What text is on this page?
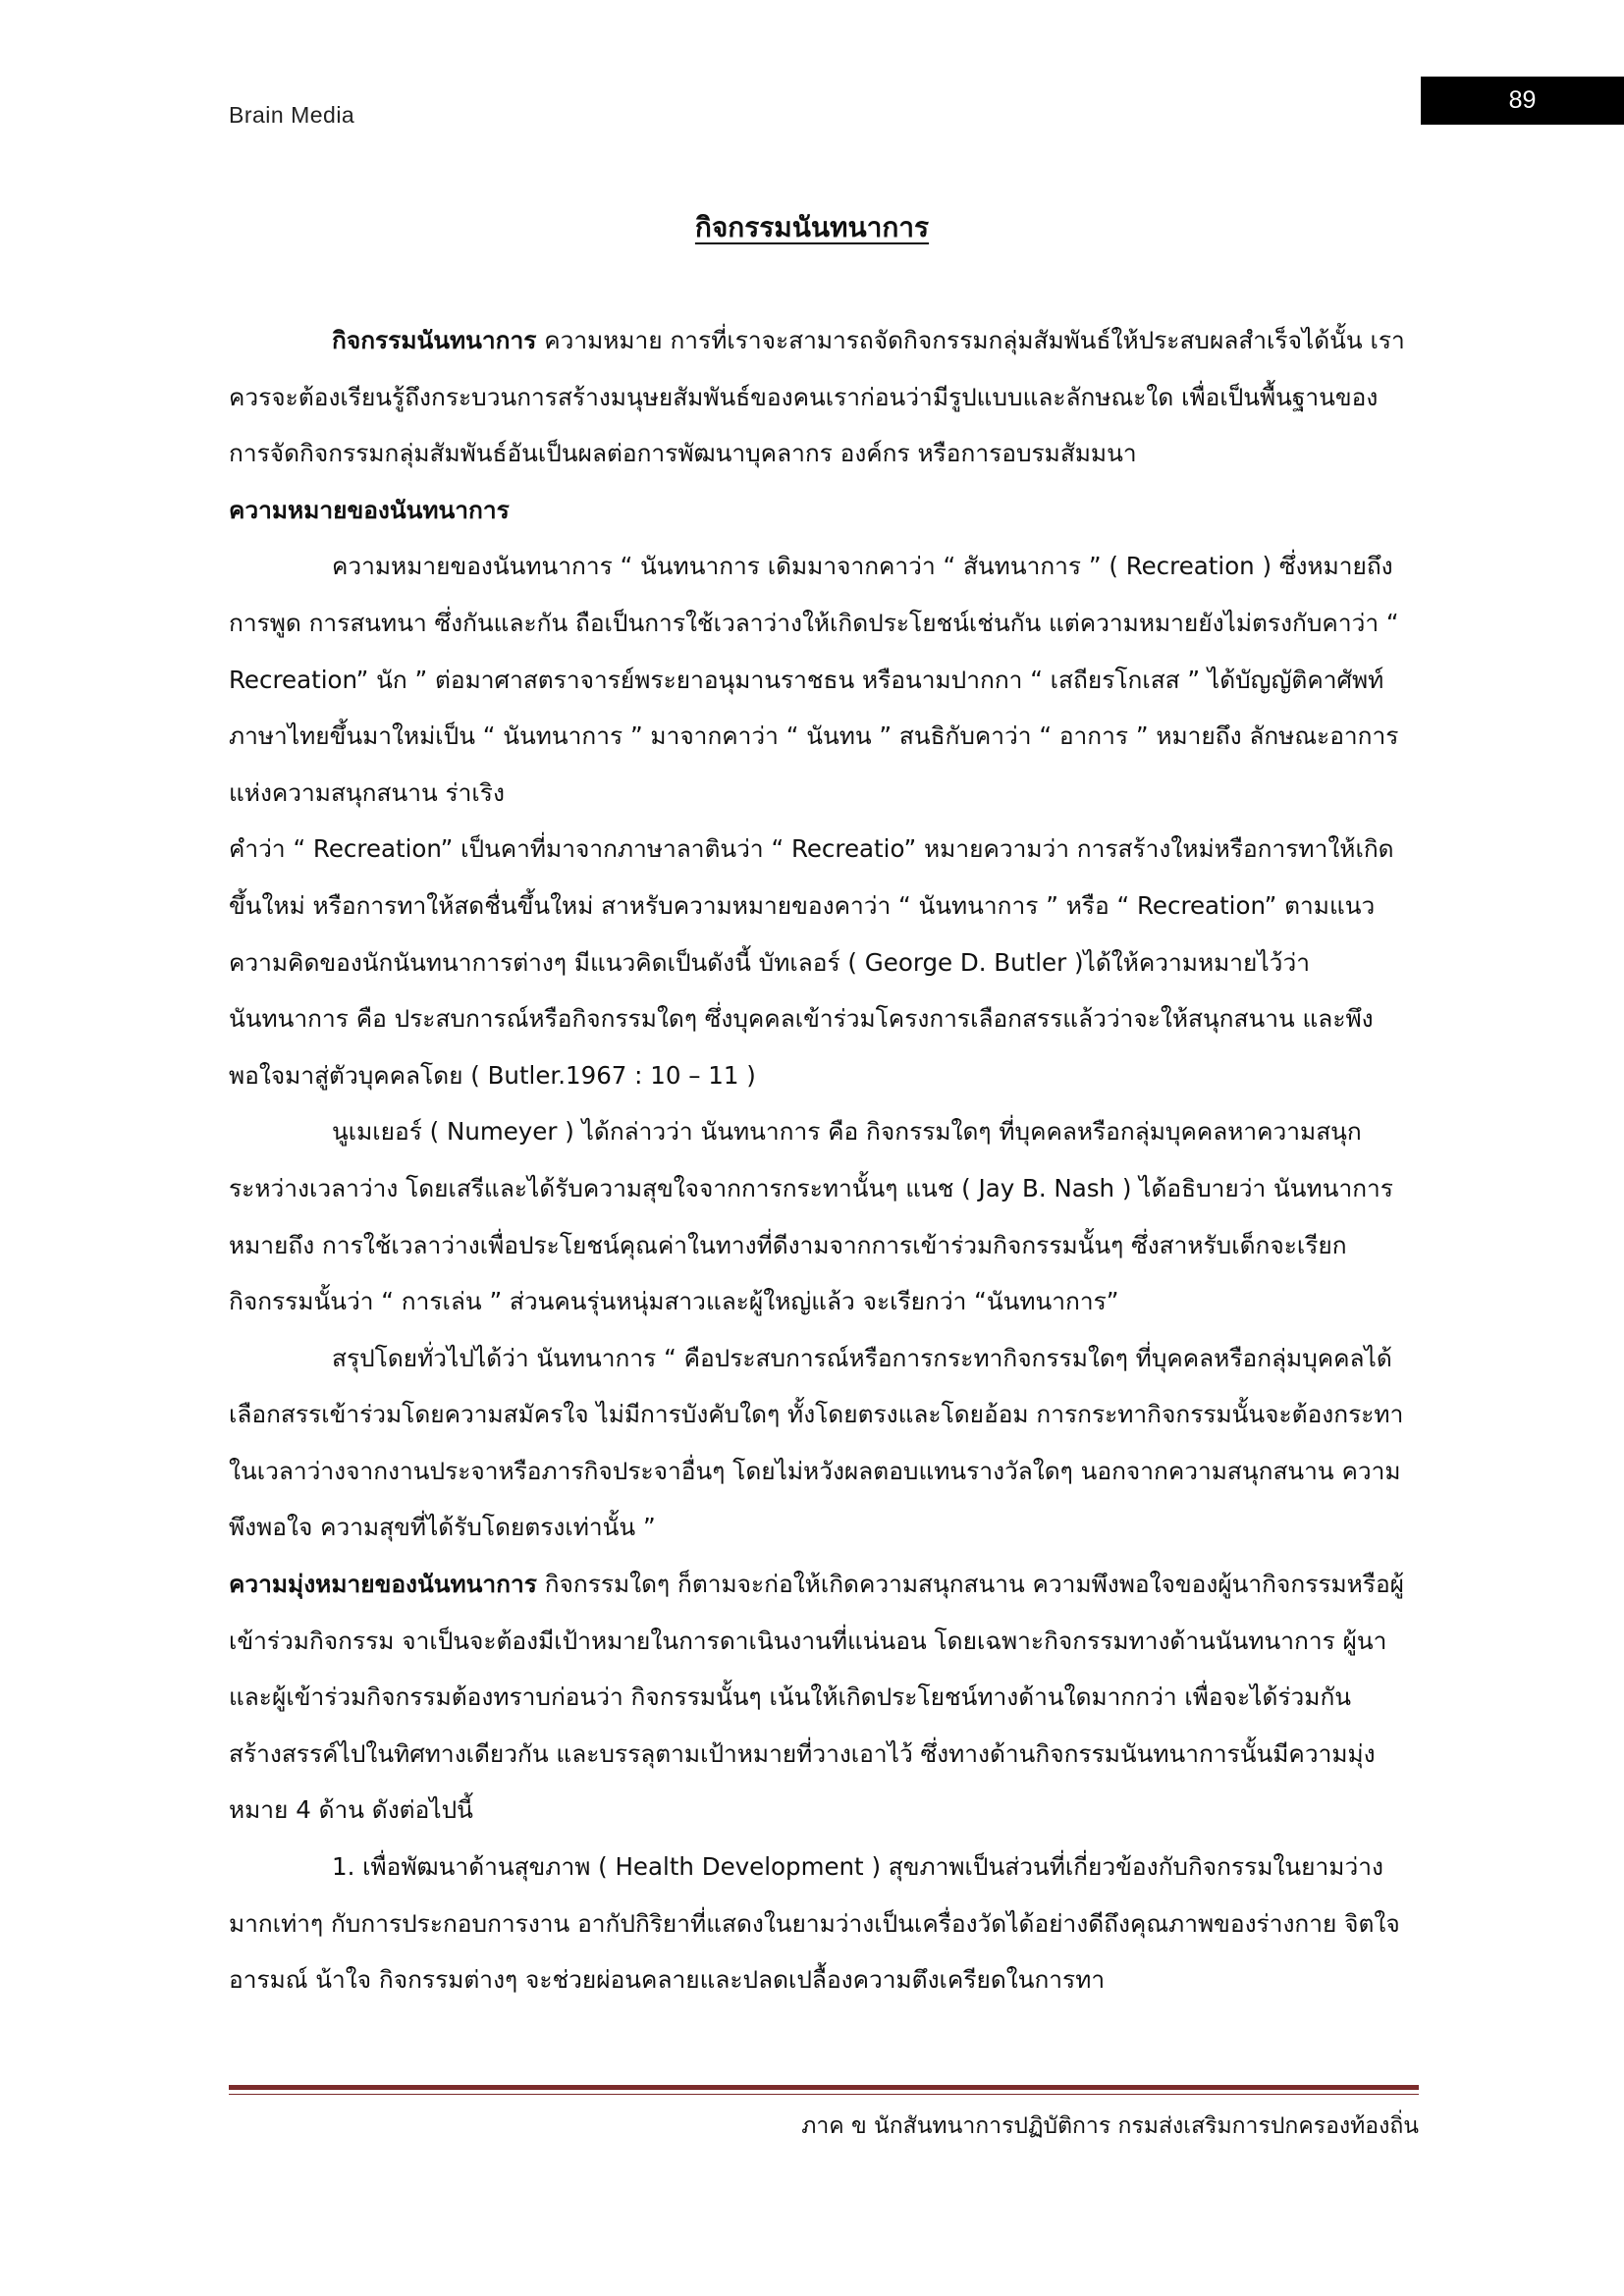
Brain Media
89
กิจกรรมนันทนาการ

กิจกรรมนันทนาการ ความหมาย การที่เราจะสามารถจัดกิจกรรมกลุ่มสัมพันธ์ให้ประสบผลสำเร็จได้นั้น เราควรจะต้องเรียนรู้ถึงกระบวนการสร้างมนุษยสัมพันธ์ของคนเราก่อนว่ามีรูปแบบและลักษณะใด เพื่อเป็นพื้นฐานของการจัดกิจกรรมกลุ่มสัมพันธ์อันเป็นผลต่อการพัฒนาบุคลากร องค์กร หรือการอบรมสัมมนา

ความหมายของนันทนาการ

ความหมายของนันทนาการ “ นันทนาการ เดิมมาจากคาว่า “ สันทนาการ ” ( Recreation ) ซึ่งหมายถึง การพูด การสนทนา ซึ่งกันและกัน ถือเป็นการใช้เวลาว่างให้เกิดประโยชน์เช่นกัน แต่ความหมายยังไม่ตรงกับคาว่า “ Recreation” นัก ” ต่อมาศาสตราจารย์พระยาอนุมานราชธน หรือนามปากกา “ เสถียรโกเสส ” ได้บัญญัติคาศัพท์ภาษาไทยขึ้นมาใหม่เป็น “ นันทนาการ ” มาจากคาว่า “ นันทน ” สนธิกับคาว่า “ อาการ ” หมายถึง ลักษณะอาการแห่งความสนุกสนาน ร่าเริง

คำว่า “ Recreation” เป็นคาที่มาจากภาษาลาตินว่า “ Recreatio” หมายความว่า การสร้างใหม่หรือการทาให้เกิดขึ้นใหม่ หรือการทาให้สดชื่นขึ้นใหม่ สาหรับความหมายของคาว่า “ นันทนาการ ” หรือ “ Recreation” ตามแนวความคิดของนักนันทนาการต่างๆ มีแนวคิดเป็นดังนี้ บัทเลอร์ ( George D. Butler )ได้ให้ความหมายไว้ว่า นันทนาการ คือ ประสบการณ์หรือกิจกรรมใดๆ ซึ่งบุคคลเข้าร่วมโครงการเลือกสรรแล้วว่าจะให้สนุกสนาน และพึงพอใจมาสู่ตัวบุคคลโดย ( Butler.1967 : 10 – 11 )

นูเมเยอร์ ( Numeyer ) ได้กล่าวว่า นันทนาการ คือ กิจกรรมใดๆ ที่บุคคลหรือกลุ่มบุคคลหาความสนุกระหว่างเวลาว่าง โดยเสรีและได้รับความสุขใจจากการกระทานั้นๆ แนช ( Jay B. Nash ) ได้อธิบายว่า นันทนาการ หมายถึง การใช้เวลาว่างเพื่อประโยชน์คุณค่าในทางที่ดีงามจากการเข้าร่วมกิจกรรมนั้นๆ ซึ่งสาหรับเด็กจะเรียกกิจกรรมนั้นว่า “ การเล่น ” ส่วนคนรุ่นหนุ่มสาวและผู้ใหญ่แล้ว จะเรียกว่า “นันทนาการ”

สรุปโดยทั่วไปได้ว่า นันทนาการ “ คือประสบการณ์หรือการกระทากิจกรรมใดๆ ที่บุคคลหรือกลุ่มบุคคลได้เลือกสรรเข้าร่วมโดยความสมัครใจ ไม่มีการบังคับใดๆ ทั้งโดยตรงและโดยอ้อม การกระทากิจกรรมนั้นจะต้องกระทาในเวลาว่างจากงานประจาหรือภารกิจประจาอื่นๆ โดยไม่หวังผลตอบแทนรางวัลใดๆ นอกจากความสนุกสนาน ความพึงพอใจ ความสุขที่ได้รับโดยตรงเท่านั้น ”

ความมุ่งหมายของนันทนาการ กิจกรรมใดๆ ก็ตามจะก่อให้เกิดความสนุกสนาน ความพึงพอใจของผู้นากิจกรรมหรือผู้เข้าร่วมกิจกรรม จาเป็นจะต้องมีเป้าหมายในการดาเนินงานที่แน่นอน โดยเฉพาะกิจกรรมทางด้านนันทนาการ ผู้นาและผู้เข้าร่วมกิจกรรมต้องทราบก่อนว่า กิจกรรมนั้นๆ เน้นให้เกิดประโยชน์ทางด้านใดมากกว่า เพื่อจะได้ร่วมกันสร้างสรรค์ไปในทิศทางเดียวกัน และบรรลุตามเป้าหมายที่วางเอาไว้ ซึ่งทางด้านกิจกรรมนันทนาการนั้นมีความมุ่งหมาย 4 ด้าน ดังต่อไปนี้

1. เพื่อพัฒนาด้านสุขภาพ ( Health Development ) สุขภาพเป็นส่วนที่เกี่ยวข้องกับกิจกรรมในยามว่างมากเท่าๆ กับการประกอบการงาน อากัปกิริยาที่แสดงในยามว่างเป็นเครื่องวัดได้อย่างดีถึงคุณภาพของร่างกาย จิตใจ อารมณ์ น้าใจ กิจกรรมต่างๆ จะช่วยผ่อนคลายและปลดเปลื้องความตึงเครียดในการทา

ภาค ข นักสันทนาการปฏิบัติการ กรมส่งเสริมการปกครองท้องถิ่น
